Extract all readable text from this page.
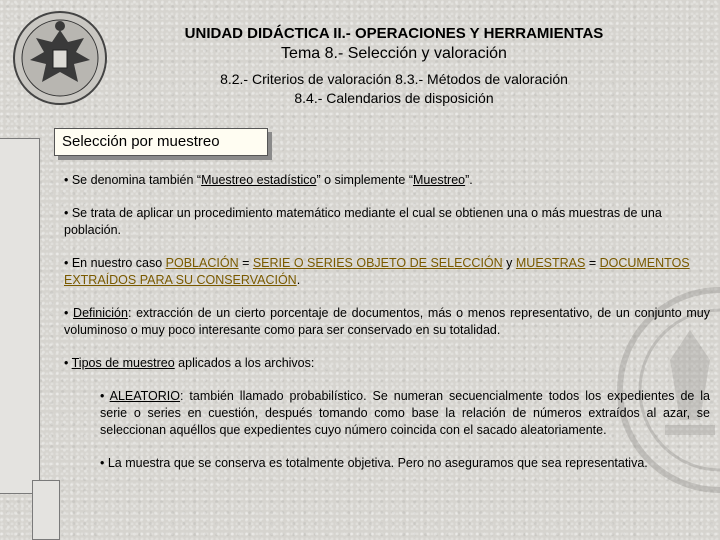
UNIDAD DIDÁCTICA II.- OPERACIONES Y HERRAMIENTAS
Tema 8.- Selección y valoración
8.2.- Criterios de valoración 8.3.- Métodos de valoración
8.4.- Calendarios de disposición
Selección por muestreo

• Se denomina también “Muestreo estadístico” o simplemente “Muestreo”.

• Se trata de aplicar un procedimiento matemático mediante el cual se obtienen una o más muestras de una población.

• En nuestro caso POBLACIÓN = SERIE O SERIES OBJETO DE SELECCIÓN y MUESTRAS = DOCUMENTOS EXTRAÍDOS PARA SU CONSERVACIÓN.

• Definición: extracción de un cierto porcentaje de documentos, más o menos representativo, de un conjunto muy voluminoso o muy poco interesante como para ser conservado en su totalidad.

• Tipos de muestreo aplicados a los archivos:

• ALEATORIO: también llamado probabilístico. Se numeran secuencialmente todos los expedientes de la serie o series en cuestión, después tomando como base la relación de números extraídos al azar, se seleccionan aquéllos que expedientes cuyo número coincida con el sacado aleatoriamente.

• La muestra que se conserva es totalmente objetiva. Pero no aseguramos que sea representativa.
